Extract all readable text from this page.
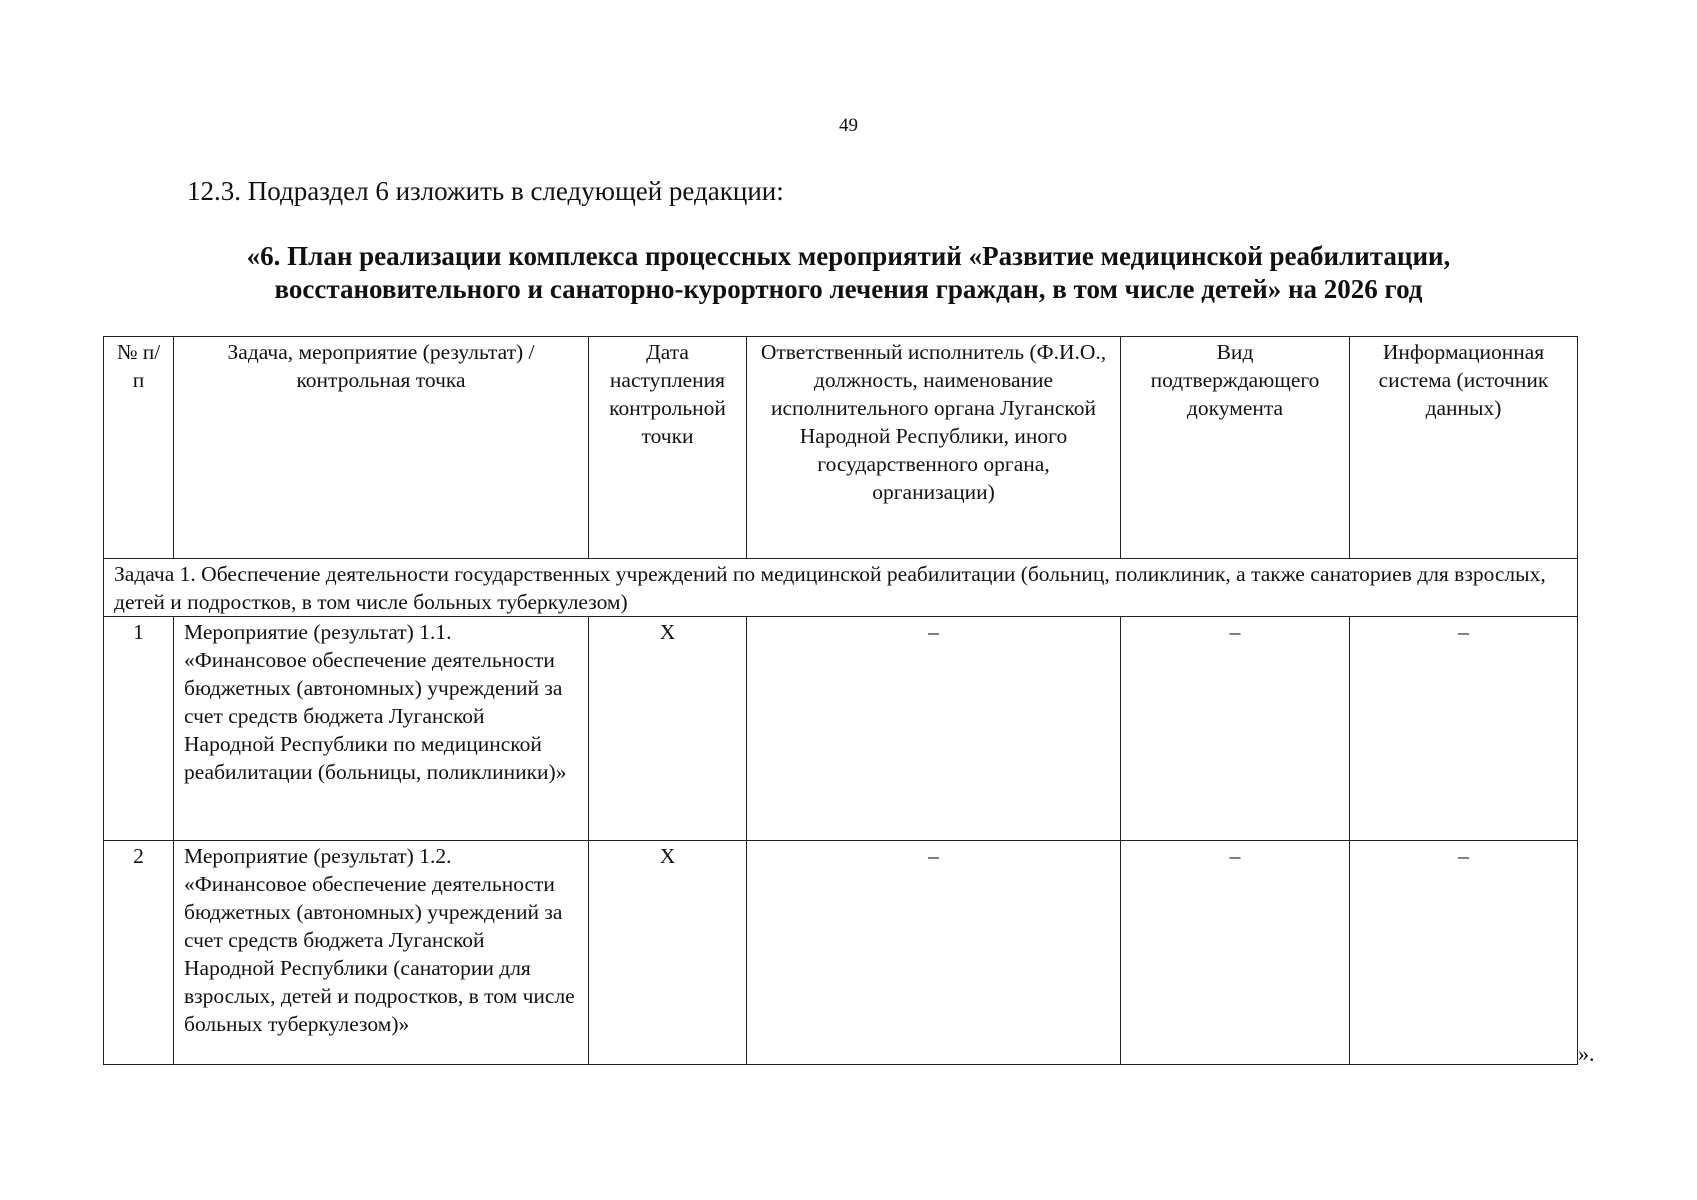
49
12.3. Подраздел 6 изложить в следующей редакции:
«6. План реализации комплекса процессных мероприятий «Развитие медицинской реабилитации,
восстановительного и санаторно-курортного лечения граждан, в том числе детей» на 2026 год
№ п/п	Задача, мероприятие (результат) / контрольная точка	Дата наступления контрольной точки	Ответственный исполнитель (Ф.И.О., должность, наименование исполнительного органа Луганской Народной Республики, иного государственного органа, организации)	Вид подтверждающего документа	Информационная система (источник данных)
Задача 1. Обеспечение деятельности государственных учреждений по медицинской реабилитации (больниц, поликлиник, а также санаториев для взрослых, детей и подростков, в том числе больных туберкулезом)					
1	Мероприятие (результат) 1.1. «Финансовое обеспечение деятельности бюджетных (автономных) учреждений за счет средств бюджета Луганской Народной Республики по медицинской реабилитации (больницы, поликлиники)»	X	–	–	–
2	Мероприятие (результат) 1.2. «Финансовое обеспечение деятельности бюджетных (автономных) учреждений за счет средств бюджета Луганской Народной Республики (санатории для взрослых, детей и подростков, в том числе больных туберкулезом)»	X	–	–	–
».
